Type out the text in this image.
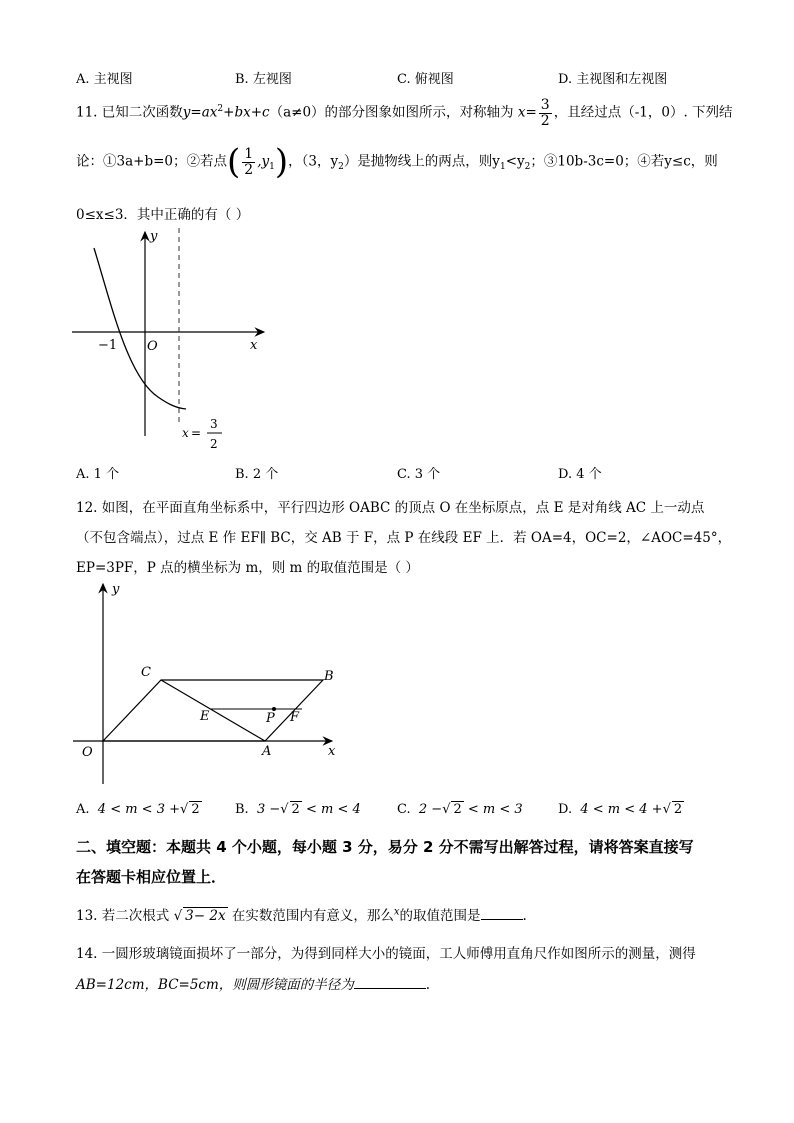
A. 主视图	B. 左视图	C. 俯视图	D. 主视图和左视图
11. 已知二次函数$y=ax^2+bx+c(a\ne 0)$的部分图象如图所示，对称轴为 $x= \frac{3}{2}$ ，且经过点（-1，0）. 下列结
论：①3a+b=0；②若点( $\frac{1}{2} ,y_1$)，（3，$y_2$）是抛物线上的两点，则$y_1<y_2$；③10b-3c=0；④若y≤c，则
0≤x≤3．其中正确的有（ ）
y
x
O
−1
x =
3
2
A. 1 个	B. 2 个	C. 3 个	D. 4 个
12. 如图，在平面直角坐标系中，平行四边形 OABC 的顶点 O 在坐标原点，点 E 是对角线 AC 上一动点
（不包含端点），过点 E 作 EF∥ BC，交 AB 于 F，点 P 在线段 EF 上．若 OA=4，OC=2，∠AOC=45°，
EP=3PF，P 点的横坐标为 m，则 m 的取值范围是（ ）
y
x
O	A
B
C
E	F
P
A. 4 < m < 3 +√ 2	B. 3 −√ 2 < m < 4	C. 2 −√ 2 < m < 3	D. 4 < m < 4 +√ 2
二、填空题：本题共 4 个小题，每小题 3 分，易分 2 分不需写出解答过程，请将答案直接写
在答题卡相应位置上．
13. 若二次根式 √ 3− 2x 在实数范围内有意义，那么$^x$的取值范围是	.
14. 一圆形玻璃镜面损坏了一部分，为得到同样大小的镜面，工人师傅用直角尺作如图所示的测量，测得
AB=12cm，BC=5cm，则圆形镜面的半径为	.
